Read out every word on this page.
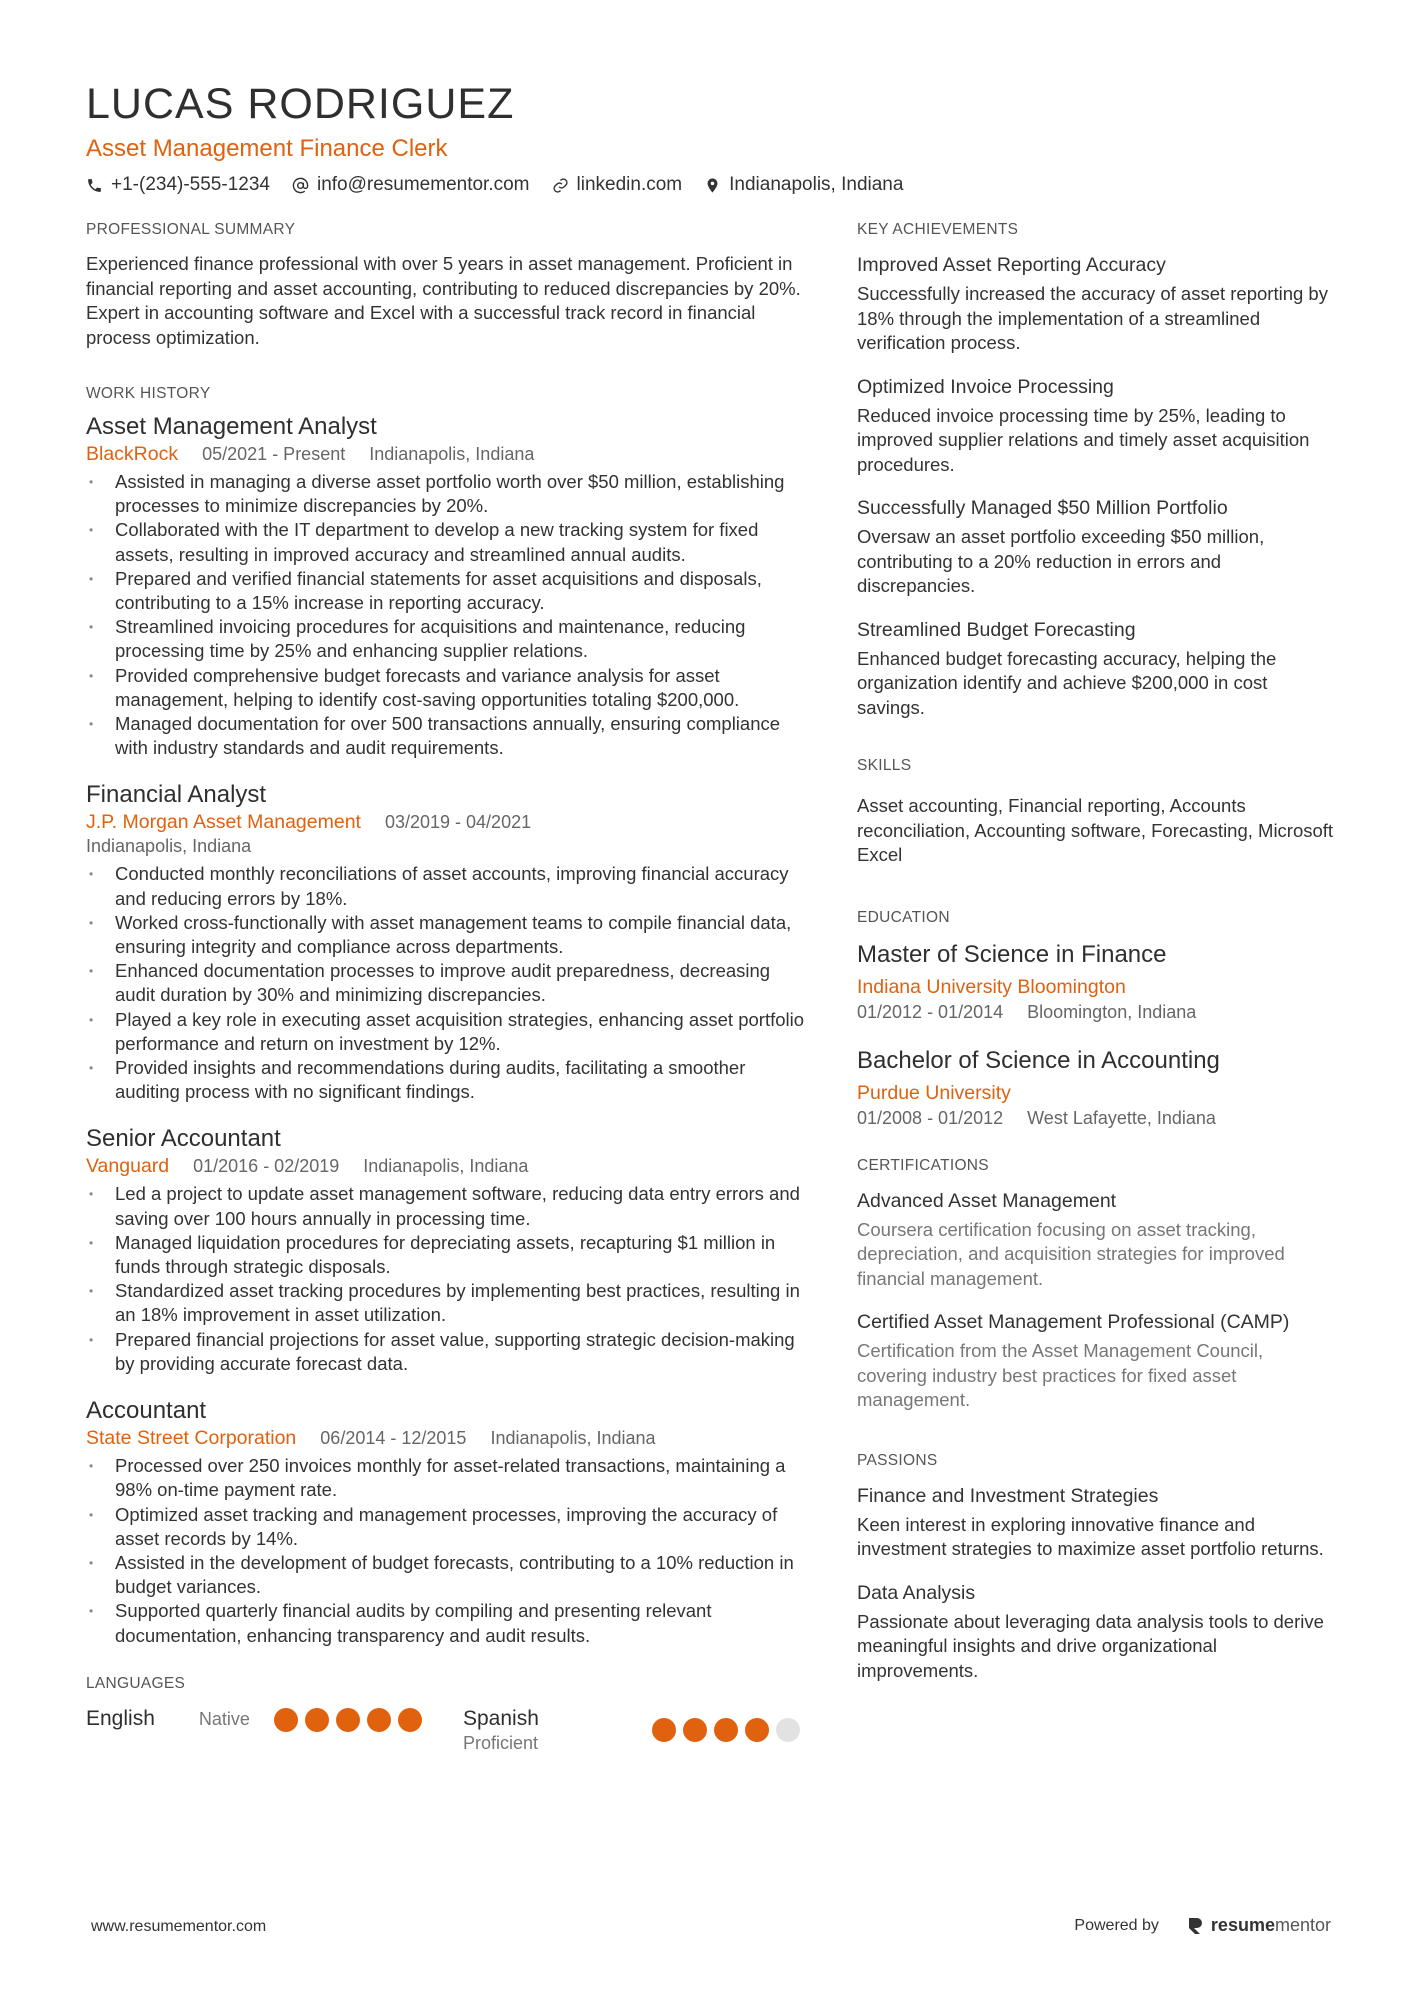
LUCAS RODRIGUEZ
Asset Management Finance Clerk
+1-(234)-555-1234 info@resumementor.com linkedin.com Indianapolis, Indiana
PROFESSIONAL SUMMARY
Experienced finance professional with over 5 years in asset management. Proficient in financial reporting and asset accounting, contributing to reduced discrepancies by 20%. Expert in accounting software and Excel with a successful track record in financial process optimization.
WORK HISTORY
Asset Management Analyst
BlackRock 05/2021 - Present Indianapolis, Indiana
• Assisted in managing a diverse asset portfolio worth over $50 million, establishing processes to minimize discrepancies by 20%.
• Collaborated with the IT department to develop a new tracking system for fixed assets, resulting in improved accuracy and streamlined annual audits.
• Prepared and verified financial statements for asset acquisitions and disposals, contributing to a 15% increase in reporting accuracy.
• Streamlined invoicing procedures for acquisitions and maintenance, reducing processing time by 25% and enhancing supplier relations.
• Provided comprehensive budget forecasts and variance analysis for asset management, helping to identify cost-saving opportunities totaling $200,000.
• Managed documentation for over 500 transactions annually, ensuring compliance with industry standards and audit requirements.
Financial Analyst
J.P. Morgan Asset Management 03/2019 - 04/2021
Indianapolis, Indiana
• Conducted monthly reconciliations of asset accounts, improving financial accuracy and reducing errors by 18%.
• Worked cross-functionally with asset management teams to compile financial data, ensuring integrity and compliance across departments.
• Enhanced documentation processes to improve audit preparedness, decreasing audit duration by 30% and minimizing discrepancies.
• Played a key role in executing asset acquisition strategies, enhancing asset portfolio performance and return on investment by 12%.
• Provided insights and recommendations during audits, facilitating a smoother auditing process with no significant findings.
Senior Accountant
Vanguard 01/2016 - 02/2019 Indianapolis, Indiana
• Led a project to update asset management software, reducing data entry errors and saving over 100 hours annually in processing time.
• Managed liquidation procedures for depreciating assets, recapturing $1 million in funds through strategic disposals.
• Standardized asset tracking procedures by implementing best practices, resulting in an 18% improvement in asset utilization.
• Prepared financial projections for asset value, supporting strategic decision-making by providing accurate forecast data.
Accountant
State Street Corporation 06/2014 - 12/2015 Indianapolis, Indiana
• Processed over 250 invoices monthly for asset-related transactions, maintaining a 98% on-time payment rate.
• Optimized asset tracking and management processes, improving the accuracy of asset records by 14%.
• Assisted in the development of budget forecasts, contributing to a 10% reduction in budget variances.
• Supported quarterly financial audits by compiling and presenting relevant documentation, enhancing transparency and audit results.
LANGUAGES
English Native	Spanish
Proficient
KEY ACHIEVEMENTS
Improved Asset Reporting Accuracy
Successfully increased the accuracy of asset reporting by 18% through the implementation of a streamlined verification process.
Optimized Invoice Processing
Reduced invoice processing time by 25%, leading to improved supplier relations and timely asset acquisition procedures.
Successfully Managed $50 Million Portfolio
Oversaw an asset portfolio exceeding $50 million, contributing to a 20% reduction in errors and discrepancies.
Streamlined Budget Forecasting
Enhanced budget forecasting accuracy, helping the organization identify and achieve $200,000 in cost savings.
SKILLS
Asset accounting, Financial reporting, Accounts reconciliation, Accounting software, Forecasting, Microsoft Excel
EDUCATION
Master of Science in Finance
Indiana University Bloomington
01/2012 - 01/2014 Bloomington, Indiana
Bachelor of Science in Accounting
Purdue University
01/2008 - 01/2012 West Lafayette, Indiana
CERTIFICATIONS
Advanced Asset Management
Coursera certification focusing on asset tracking, depreciation, and acquisition strategies for improved financial management.
Certified Asset Management Professional (CAMP)
Certification from the Asset Management Council, covering industry best practices for fixed asset management.
PASSIONS
Finance and Investment Strategies
Keen interest in exploring innovative finance and investment strategies to maximize asset portfolio returns.
Data Analysis
Passionate about leveraging data analysis tools to derive meaningful insights and drive organizational improvements.
www.resumementor.com	Powered by	resume mentor
